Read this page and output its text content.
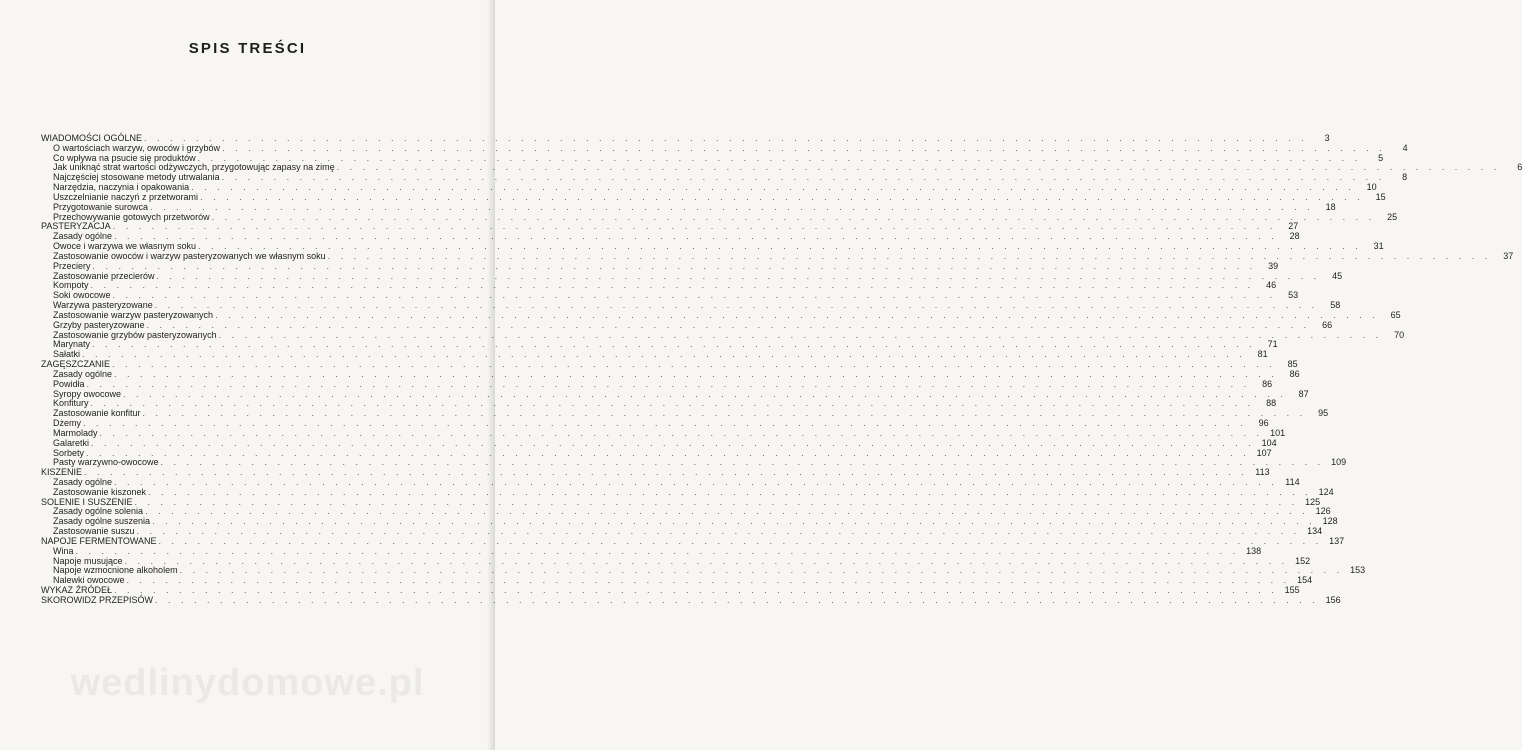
SPIS TREŚCI
WIADOMOŚCI OGÓLNE . . .	3
O wartościach warzyw, owoców i grzybów . . .	4
Co wpływa na psucie się produktów . . .	5
Jak uniknąć strat wartości odżywczych, przygotowując zapasy na zimę . . .	6
Najczęściej stosowane metody utrwalania . . .	8
Narzędzia, naczynia i opakowania . . .	10
Uszczelnianie naczyń z przetworami . . .	15
Przygotowanie surowca . . .	18
Przechowywanie gotowych przetworów . . .	25
PASTERYZACJA . . .	27
Zasady ogólne . . .	28
Owoce i warzywa we własnym soku . . .	31
Zastosowanie owoców i warzyw pasteryzowanych we własnym soku . . .	37
Przeciery . . .	39
Zastosowanie przecierów . . .	45
Kompoty . . .	46
Soki owocowe . . .	53
Warzywa pasteryzowane . . .	58
Zastosowanie warzyw pasteryzowanych . . .	65
Grzyby pasteryzowane . . .	66
Zastosowanie grzybów pasteryzowanych . . .	70
Marynaty . . .	71
Sałatki . . .	81
ZAGĘSZCZANIE . . .	85
Zasady ogólne . . .	86
Powidła . . .	86
Syropy owocowe . . .	87
Konfitury . . .	88
Zastosowanie konfitur . . .	95
Dżemy . . .	96
Marmolady . . .	101
Galaretki . . .	104
Sorbety . . .	107
Pasty warzywno-owocowe . . .	109
KISZENIE . . .	113
Zasady ogólne . . .	114
Zastosowanie kiszonek . . .	124
SOLENIE I SUSZENIE . . .	125
Zasady ogólne solenia . . .	126
Zasady ogólne suszenia . . .	128
Zastosowanie suszu . . .	134
NAPOJE FERMENTOWANE . . .	137
Wina . . .	138
Napoje musujące . . .	152
Napoje wzmocnione alkoholem . . .	153
Nalewki owocowe . . .	154
WYKAZ ŹRÓDEŁ . . .	155
SKOROWIDZ PRZEPISÓW . . .	156
wedlinydomowe.pl
